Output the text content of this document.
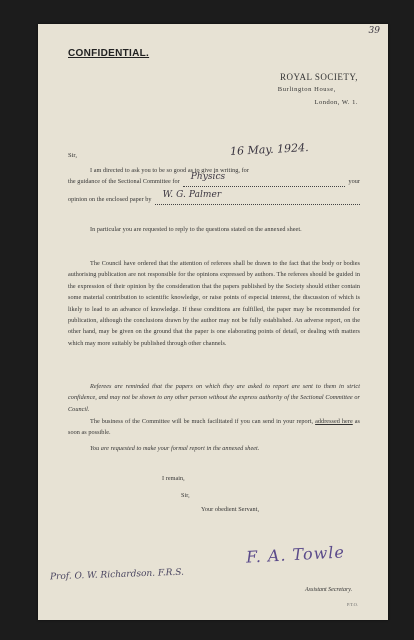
39
CONFIDENTIAL.
ROYAL SOCIETY,
Burlington House,
London, W. 1.
16 May. 1924.
Sir,
I am directed to ask you to be so good as to give in writing, for
the guidance of the Sectional Committee for Physics	your
opinion on the enclosed paper by W. G. Palmer
In particular you are requested to reply to the questions stated on the annexed sheet.
The Council have ordered that the attention of referees shall be drawn to the fact that the body or bodies authorising publication are not responsible for the opinions expressed by authors. The referees should be guided in the expression of their opinion by the consideration that the papers published by the Society should either contain some material contribution to scientific knowledge, or raise points of especial interest, the discussion of which is likely to lead to an advance of knowledge. If these conditions are fulfilled, the paper may be recommended for publication, although the conclusions drawn by the author may not be fully established. An adverse report, on the other hand, may be given on the ground that the paper is one elaborating points of detail, or dealing with matters which may more suitably be published through other channels.
Referees are reminded that the papers on which they are asked to report are sent to them in strict confidence, and may not be shown to any other person without the express authority of the Sectional Committee or Council.
The business of the Committee will be much facilitated if you can send in your report, addressed here as soon as possible.
You are requested to make your formal report in the annexed sheet.
I remain,
Sir,
Your obedient Servant,
F. A. Towle
Prof. O. W. Richardson. F.R.S.
Assistant Secretary.
P.T.O.
